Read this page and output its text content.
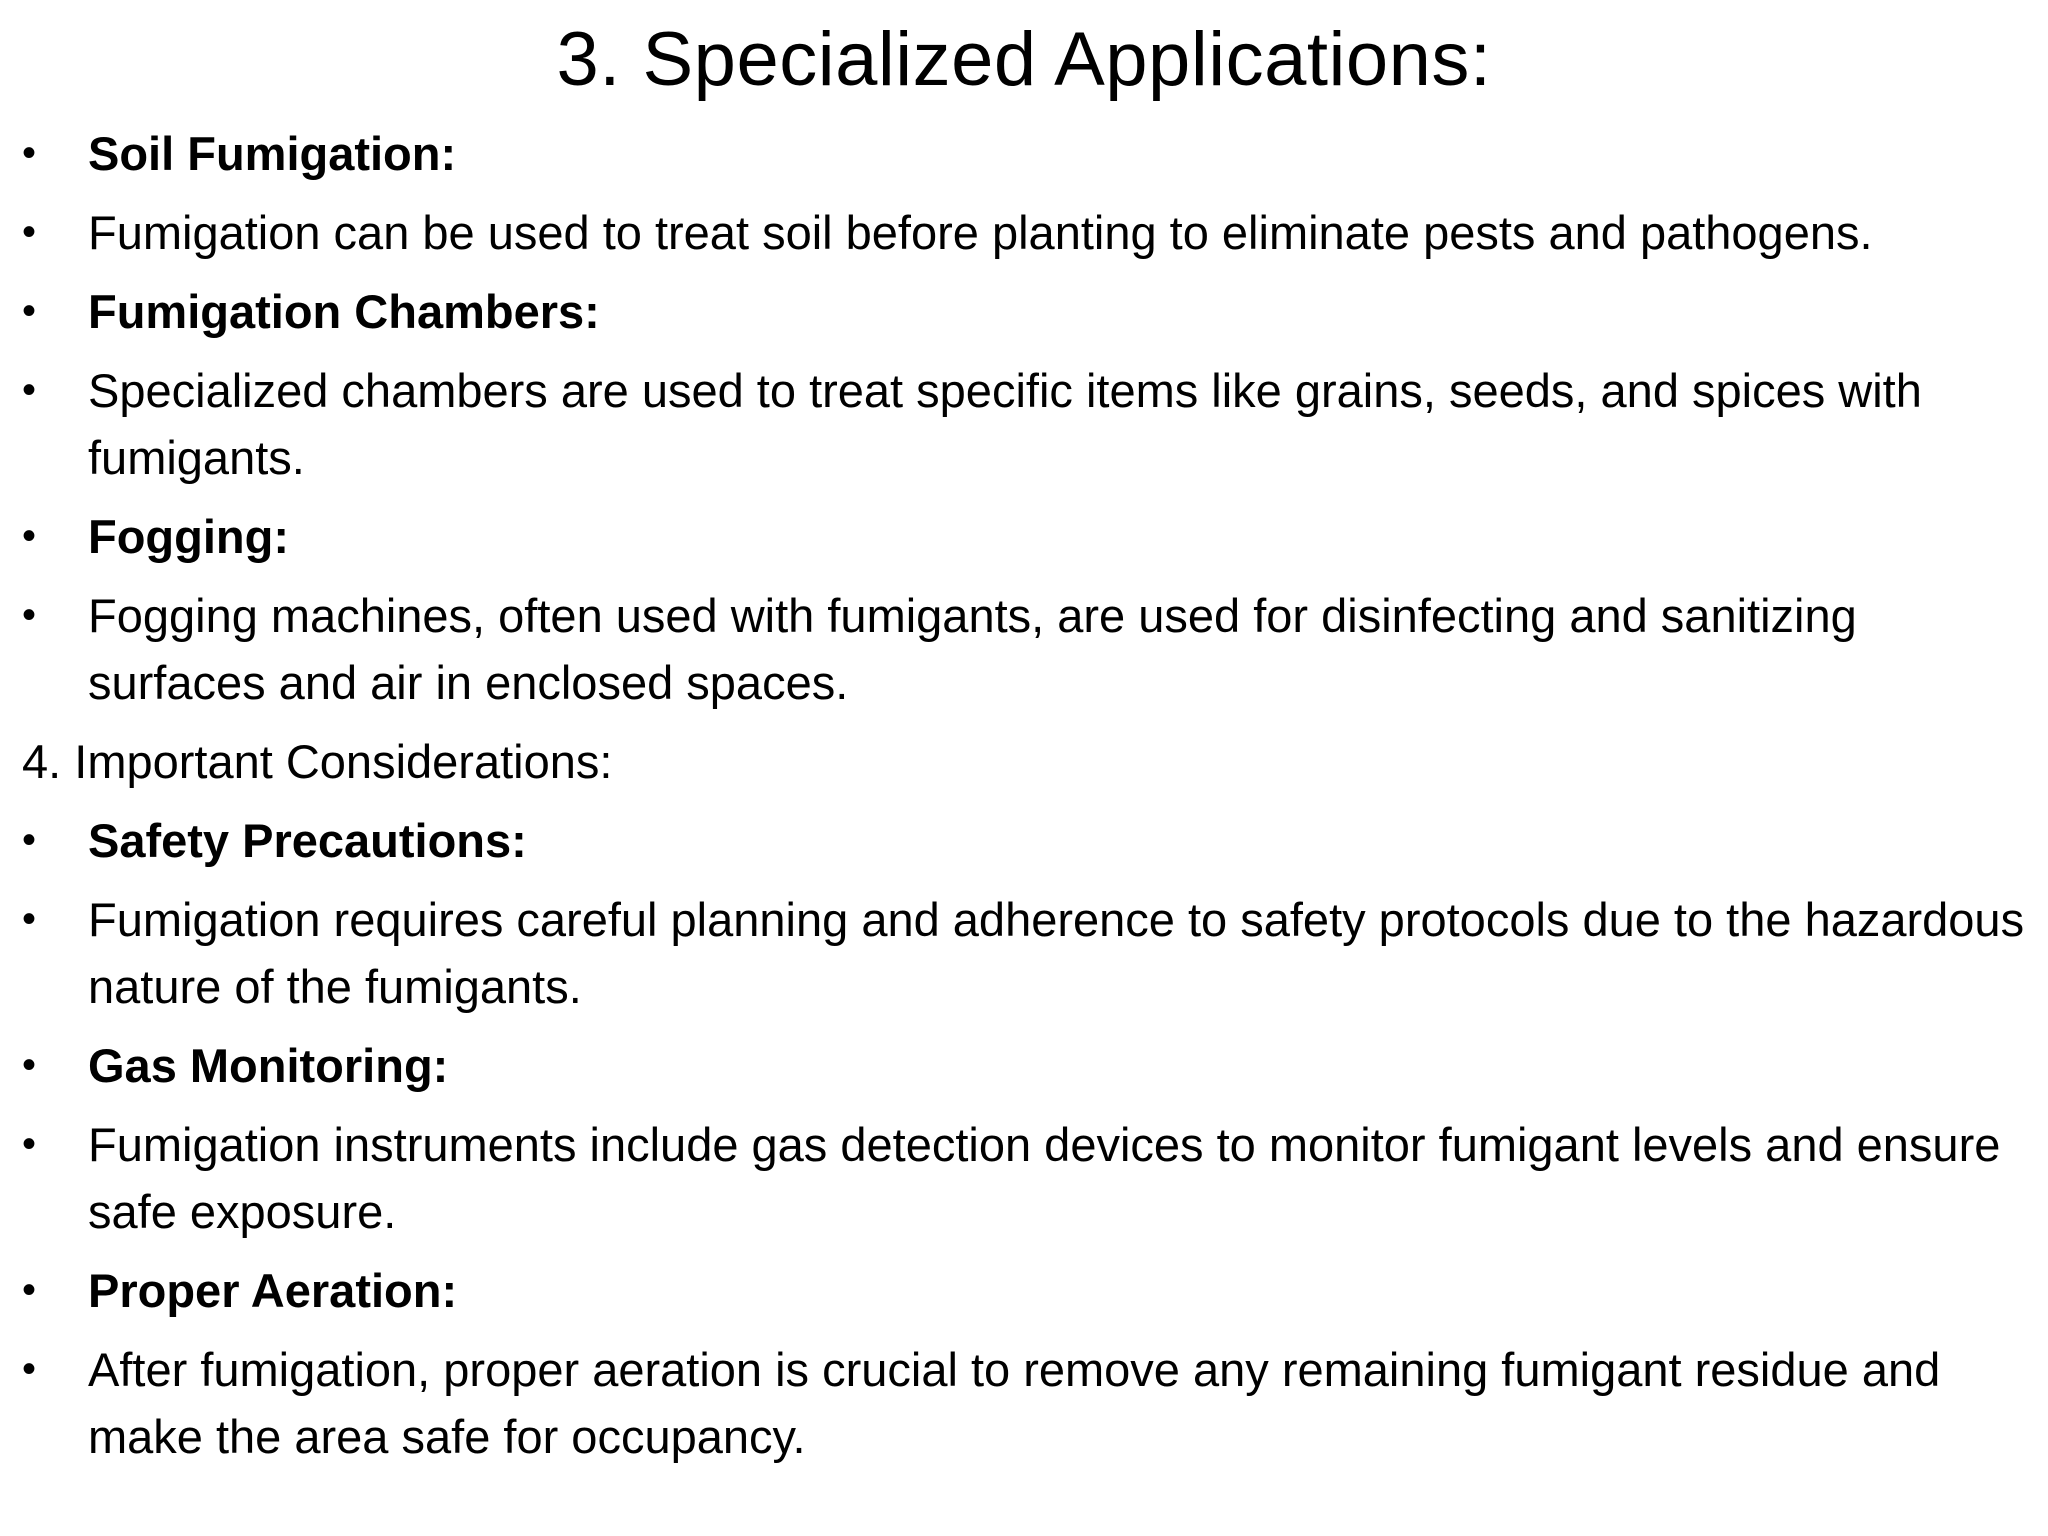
3. Specialized Applications:
•	Soil Fumigation:
•	Fumigation can be used to treat soil before planting to eliminate pests and pathogens.
•	Fumigation Chambers:
•	Specialized chambers are used to treat specific items like grains, seeds, and spices with fumigants.
•	Fogging:
•	Fogging machines, often used with fumigants, are used for disinfecting and sanitizing surfaces and air in enclosed spaces.
4. Important Considerations:
•	Safety Precautions:
•	Fumigation requires careful planning and adherence to safety protocols due to the hazardous nature of the fumigants.
•	Gas Monitoring:
•	Fumigation instruments include gas detection devices to monitor fumigant levels and ensure safe exposure.
•	Proper Aeration:
•	After fumigation, proper aeration is crucial to remove any remaining fumigant residue and make the area safe for occupancy.
